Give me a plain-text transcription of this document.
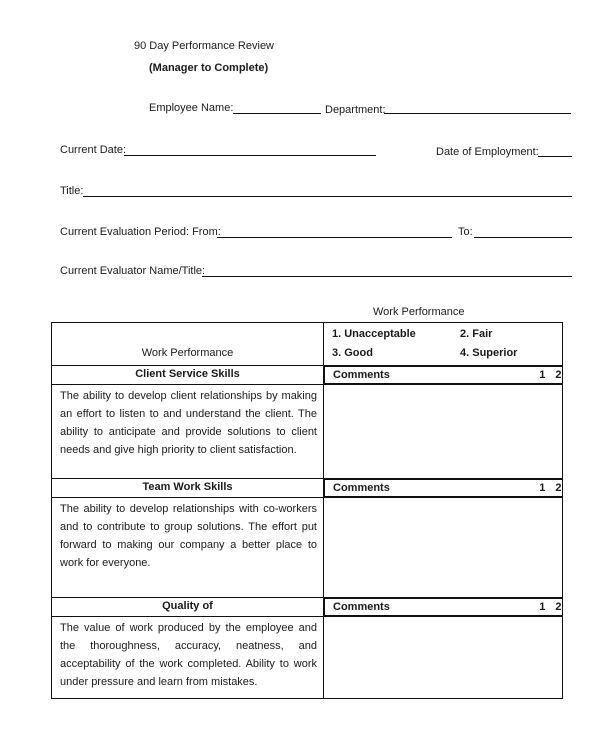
90 Day Performance Review
(Manager to Complete)
Employee Name:	Department:
Current Date:	Date of Employment:
Title:
Current Evaluation Period: From:	To:
Current Evaluator Name/Title:
Work Performance
Work Performance	1. Unacceptable 2. Fair
3. Good 4. Superior

Client Service Skills		Comments	1 2

The ability to develop client relationships by making an effort to listen to and understand the client. The ability to anticipate and provide solutions to client needs and give high priority to client satisfaction.	

Team Work Skills		Comments	1 2

The ability to develop relationships with co-workers and to contribute to group solutions. The effort put forward to making our company a better place to work for everyone.	

Quality of		Comments	1 2

The value of work produced by the employee and the thoroughness, accuracy, neatness, and acceptability of the work completed. Ability to work under pressure and learn from mistakes.	
